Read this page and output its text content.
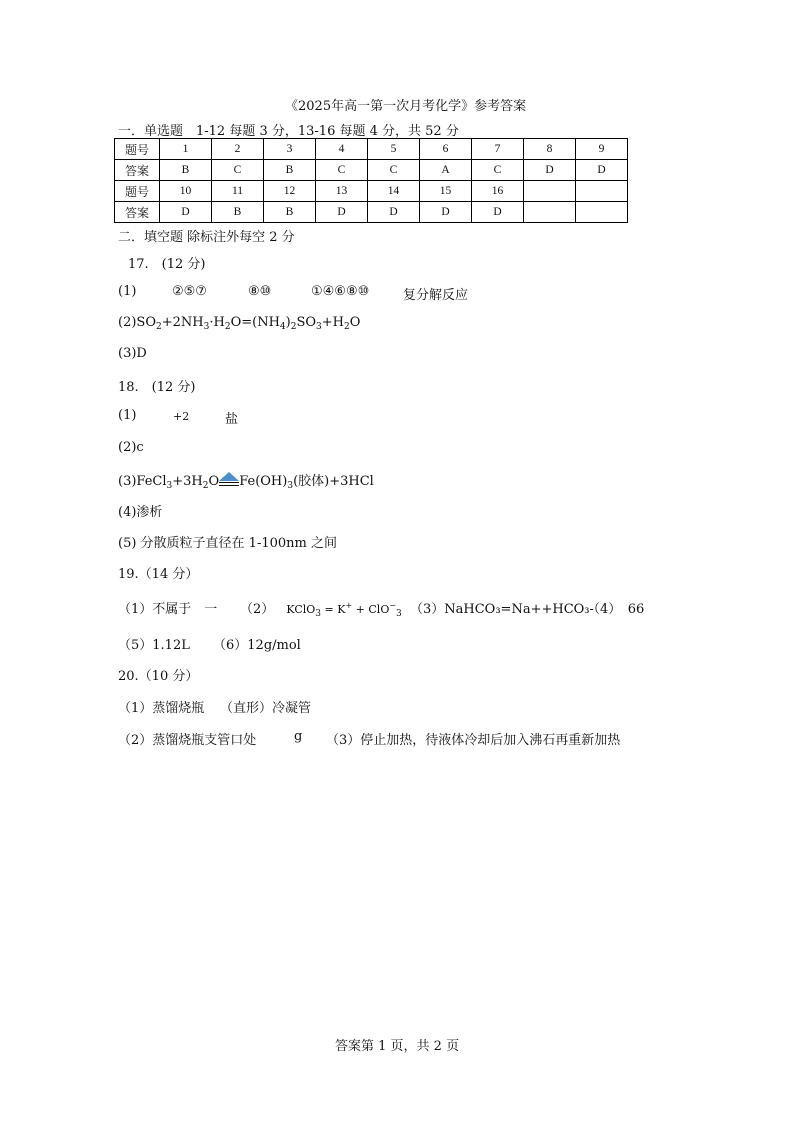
《2025年高一第一次月考化学》参考答案
一．单选题　1-12 每题 3 分，13-16 每题 4 分，共 52 分
题号	1	2	3	4	5	6	7	8	9
答案	B	C	B	C	C	A	C	D	D
题号	10	11	12	13	14	15	16		
答案	D	B	B	D	D	D	D		
二．填空题 除标注外每空 2 分
17.　(12 分)
(1)	②⑤⑦	⑧⑩	①④⑥⑧⑩	复分解反应
$(2)SO_2+2NH_3\cdot H_2O=(NH_4)_2SO_3+H_2O$
(3)D
18.　(12 分)
(1)	+2	盐
(2)c
$(3)FeCl_3+3H_2O$ $Fe(OH)_3$(胶体)+3HCl
(4)渗析
(5) 分散质粒子直径在 1-100nm 之间
19.（14 分）
（1）不属于　一 （2） KClO$_3$ = K+ + ClO−$_3$ （3）NaHCO₃=Na++HCO₃-
（4）　66
（5）1.12L （6）12g/mol
20.（10 分）
（1）蒸馏烧瓶 （直形）冷凝管
（2）蒸馏烧瓶支管口处	g （3）停止加热，待液体冷却后加入沸石再重新加热
答案第 1 页，共 2 页
